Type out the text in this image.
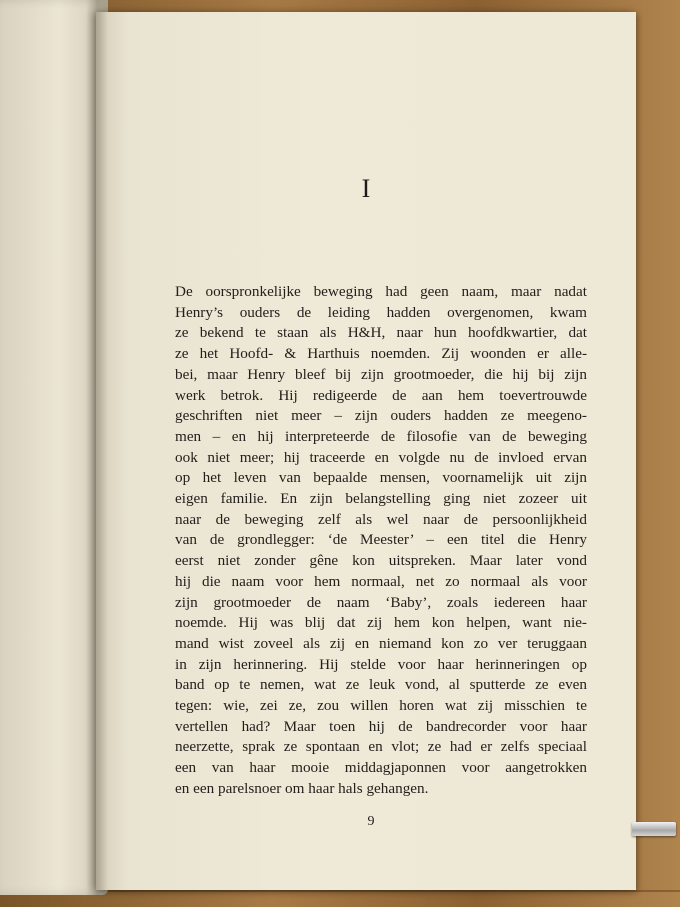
I
De oorspronkelijke beweging had geen naam, maar nadat
Henry’s ouders de leiding hadden overgenomen, kwam
ze bekend te staan als H&H, naar hun hoofdkwartier, dat
ze het Hoofd- & Harthuis noemden. Zij woonden er alle-
bei, maar Henry bleef bij zijn grootmoeder, die hij bij zijn
werk betrok. Hij redigeerde de aan hem toevertrouwde
geschriften niet meer – zijn ouders hadden ze meegeno-
men – en hij interpreteerde de filosofie van de beweging
ook niet meer; hij traceerde en volgde nu de invloed ervan
op het leven van bepaalde mensen, voornamelijk uit zijn
eigen familie. En zijn belangstelling ging niet zozeer uit
naar de beweging zelf als wel naar de persoonlijkheid
van de grondlegger: ‘de Meester’ – een titel die Henry
eerst niet zonder gêne kon uitspreken. Maar later vond
hij die naam voor hem normaal, net zo normaal als voor
zijn grootmoeder de naam ‘Baby’, zoals iedereen haar
noemde. Hij was blij dat zij hem kon helpen, want nie-
mand wist zoveel als zij en niemand kon zo ver teruggaan
in zijn herinnering. Hij stelde voor haar herinneringen op
band op te nemen, wat ze leuk vond, al sputterde ze even
tegen: wie, zei ze, zou willen horen wat zij misschien te
vertellen had? Maar toen hij de bandrecorder voor haar
neerzette, sprak ze spontaan en vlot; ze had er zelfs speciaal
een van haar mooie middagjaponnen voor aangetrokken
en een parelsnoer om haar hals gehangen.

9
